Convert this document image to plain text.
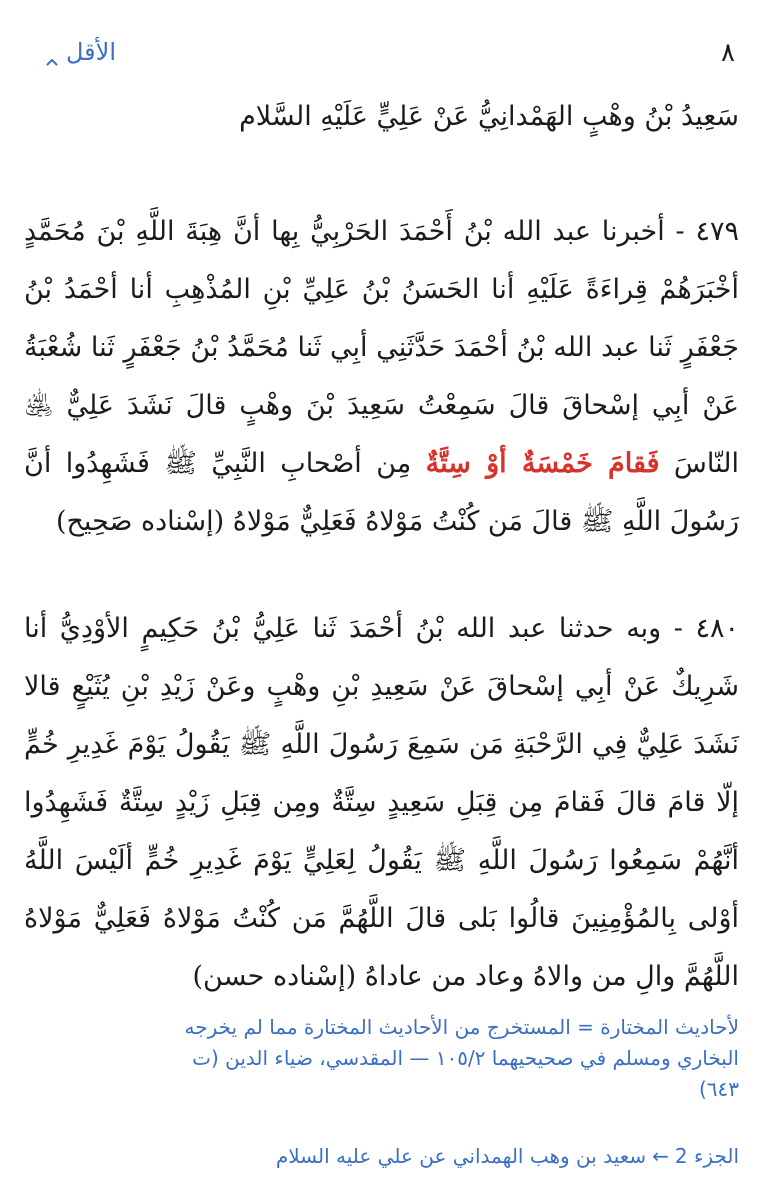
الأقل	٨
سَعِيدُ بْنُ وهْبٍ الهَمْدانِيُّ عَنْ عَلِيٍّ عَلَيْهِ السَّلام
٤٧٩ - أخبرنا عبد الله بْنُ أَحْمَدَ الحَرْبِيُّ بِها أنَّ هِبَةَ اللَّهِ بْنَ مُحَمَّدٍ أخْبَرَهُمْ قِراءَةً عَلَيْهِ أنا الحَسَنُ بْنُ عَلِيِّ بْنِ المُذْهِبِ أنا أحْمَدُ بْنُ جَعْفَرٍ ثَنا عبد الله بْنُ أحْمَدَ حَدَّثَنِي أبِي ثَنا مُحَمَّدُ بْنُ جَعْفَرٍ ثَنا شُعْبَةُ عَنْ أبِي إسْحاقَ قالَ سَمِعْتُ سَعِيدَ بْنَ وهْبٍ قالَ نَشَدَ عَلِيٌّ ﵁ النّاسَ فَقامَ خَمْسَةٌ أوْ سِتَّةٌ مِن أصْحابِ النَّبِيِّ ﷺ فَشَهِدُوا أنَّ رَسُولَ اللَّهِ ﷺ قالَ مَن كُنْتُ مَوْلاهُ فَعَلِيٌّ مَوْلاهُ (إسْناده صَحِيح)
٤٨٠ - وبه حدثنا عبد الله بْنُ أحْمَدَ ثَنا عَلِيُّ بْنُ حَكِيمٍ الأوْدِيُّ أنا شَرِيكٌ عَنْ أبِي إسْحاقَ عَنْ سَعِيدِ بْنِ وهْبٍ وعَنْ زَيْدِ بْنِ يُثَيْعٍ قالا نَشَدَ عَلِيٌّ فِي الرَّحْبَةِ مَن سَمِعَ رَسُولَ اللَّهِ ﷺ يَقُولُ يَوْمَ غَدِيرِ خُمٍّ إلّا قامَ قالَ فَقامَ مِن قِبَلِ سَعِيدٍ سِتَّةٌ ومِن قِبَلِ زَيْدٍ سِتَّةٌ فَشَهِدُوا أنَّهُمْ سَمِعُوا رَسُولَ اللَّهِ ﷺ يَقُولُ لِعَلِيٍّ يَوْمَ غَدِيرِ خُمٍّ ألَيْسَ اللَّهُ أوْلى بِالمُؤْمِنِينَ قالُوا بَلى قالَ اللَّهُمَّ مَن كُنْتُ مَوْلاهُ فَعَلِيٌّ مَوْلاهُ اللَّهُمَّ والِ من والاهُ وعاد من عاداهُ (إسْناده حسن)
لأحاديث المختارة = المستخرج من الأحاديث المختارة مما لم يخرجه
البخاري ومسلم في صحيحيهما ١٠٥/٢ — المقدسي، ضياء الدين (ت
٦٤٣)
الجزء 2←سعيد بن وهب الهمداني عن علي عليه السلام
